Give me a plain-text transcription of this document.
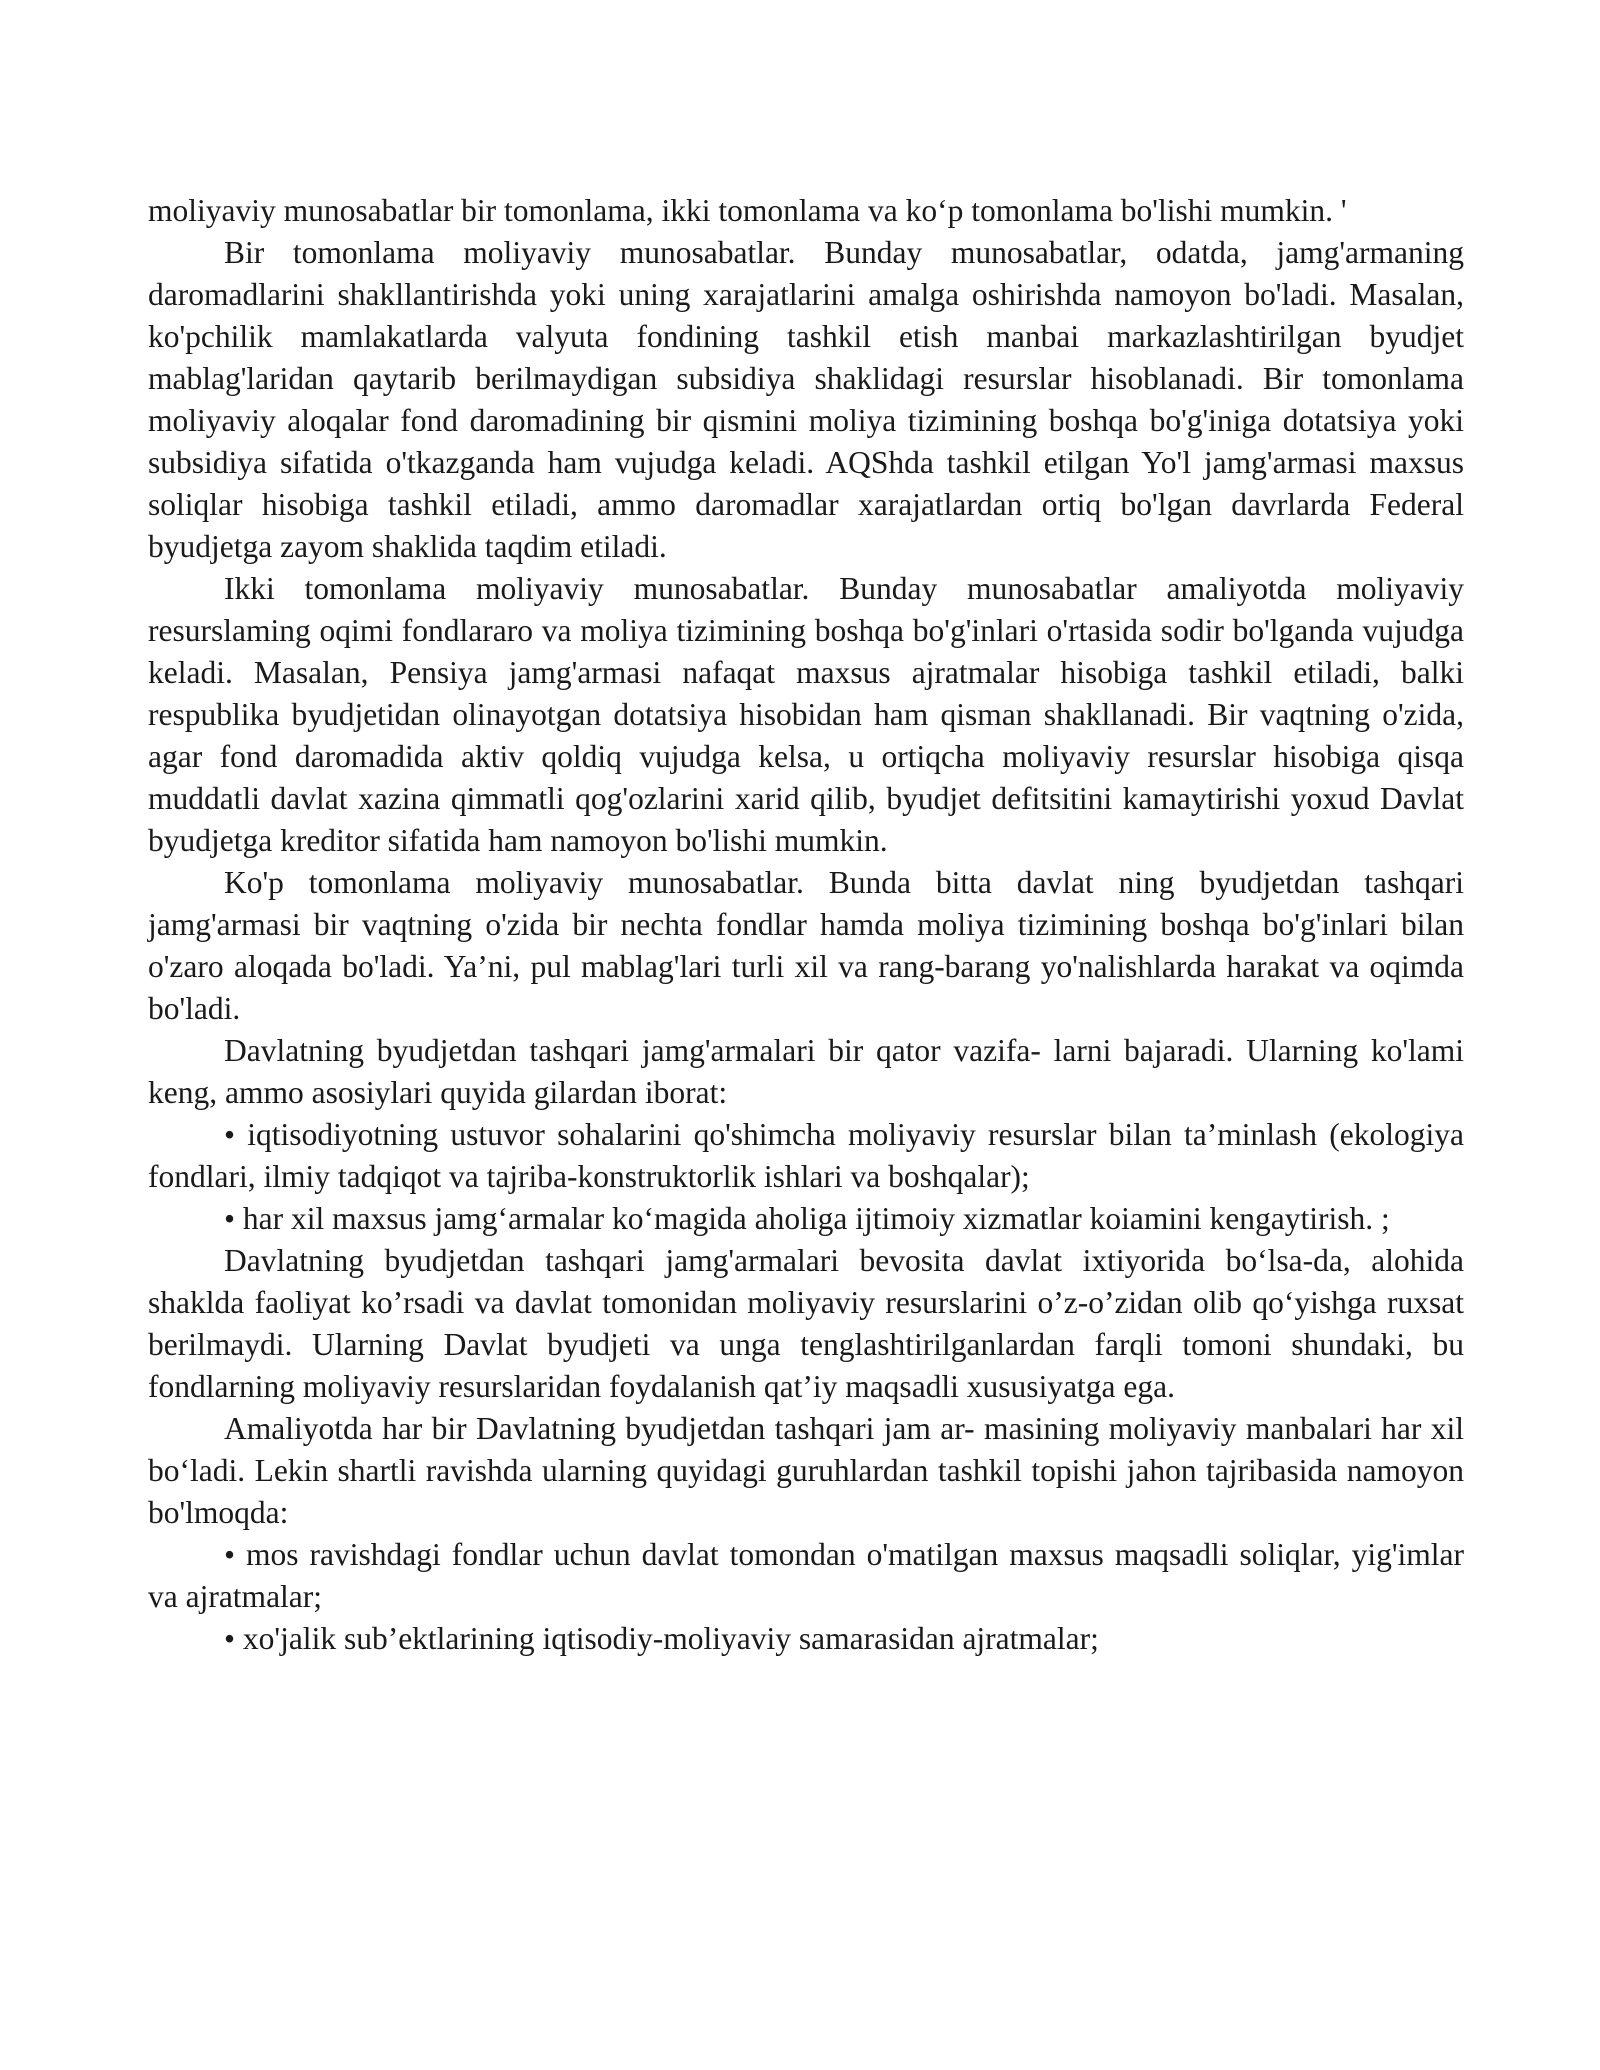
moliyaviy munosabatlar bir tomonlama, ikki tomonlama va ko‘p tomonlama bo'lishi mumkin. '

Bir tomonlama moliyaviy munosabatlar. Bunday munosabatlar, odatda, jamg'armaning daromadlarini shakllantirishda yoki uning xarajatlarini amalga oshirishda namoyon bo'ladi. Masalan, ko'pchilik mamlakatlarda valyuta fondining tashkil etish manbai markazlashtirilgan byudjet mablag'laridan qaytarib berilmaydigan subsidiya shaklidagi resurslar hisoblanadi. Bir tomonlama moliyaviy aloqalar fond daromadining bir qismini moliya tizimining boshqa bo'g'iniga dotatsiya yoki subsidiya sifatida o'tkazganda ham vujudga keladi. AQShda tashkil etilgan Yo'l jamg'armasi maxsus soliqlar hisobiga tashkil etiladi, ammo daromadlar xarajatlardan ortiq bo'lgan davrlarda Federal byudjetga zayom shaklida taqdim etiladi.

Ikki tomonlama moliyaviy munosabatlar. Bunday munosabatlar amaliyotda moliyaviy resurslaming oqimi fondlararo va moliya tizimining boshqa bo'g'inlari o'rtasida sodir bo'lganda vujudga keladi. Masalan, Pensiya jamg'armasi nafaqat maxsus ajratmalar hisobiga tashkil etiladi, balki respublika byudjetidan olinayotgan dotatsiya hisobidan ham qisman shakllanadi. Bir vaqtning o'zida, agar fond daromadida aktiv qoldiq vujudga kelsa, u ortiqcha moliyaviy resurslar hisobiga qisqa muddatli davlat xazina qimmatli qog'ozlarini xarid qilib, byudjet defitsitini kamaytirishi yoxud Davlat byudjetga kreditor sifatida ham namoyon bo'lishi mumkin.

Ko'p tomonlama moliyaviy munosabatlar. Bunda bitta davlat ning byudjetdan tashqari jamg'armasi bir vaqtning o'zida bir nechta fondlar hamda moliya tizimining boshqa bo'g'inlari bilan o'zaro aloqada bo'ladi. Ya’ni, pul mablag'lari turli xil va rang-barang yo'nalishlarda harakat va oqimda bo'ladi.

Davlatning byudjetdan tashqari jamg'armalari bir qator vazifa- larni bajaradi. Ularning ko'lami keng, ammo asosiylari quyida gilardan iborat:

• iqtisodiyotning ustuvor sohalarini qo'shimcha moliyaviy resurslar bilan ta’minlash (ekologiya fondlari, ilmiy tadqiqot va tajriba-konstruktorlik ishlari va boshqalar);

• har xil maxsus jamg‘armalar ko‘magida aholiga ijtimoiy xizmatlar koiamini kengaytirish. ;

Davlatning byudjetdan tashqari jamg'armalari bevosita davlat ixtiyorida bo‘lsa-da, alohida shaklda faoliyat ko’rsadi va davlat tomonidan moliyaviy resurslarini o’z-o’zidan olib qo‘yishga ruxsat berilmaydi. Ularning Davlat byudjeti va unga tenglashtirilganlardan farqli tomoni shundaki, bu fondlarning moliyaviy resurslaridan foydalanish qat’iy maqsadli xususiyatga ega.

Amaliyotda har bir Davlatning byudjetdan tashqari jam ar- masining moliyaviy manbalari har xil bo‘ladi. Lekin shartli ravishda ularning quyidagi guruhlardan tashkil topishi jahon tajribasida namoyon bo'lmoqda:

• mos ravishdagi fondlar uchun davlat tomondan o'matilgan maxsus maqsadli soliqlar, yig'imlar va ajratmalar;

• xo'jalik sub’ektlarining iqtisodiy-moliyaviy samarasidan ajratmalar;
